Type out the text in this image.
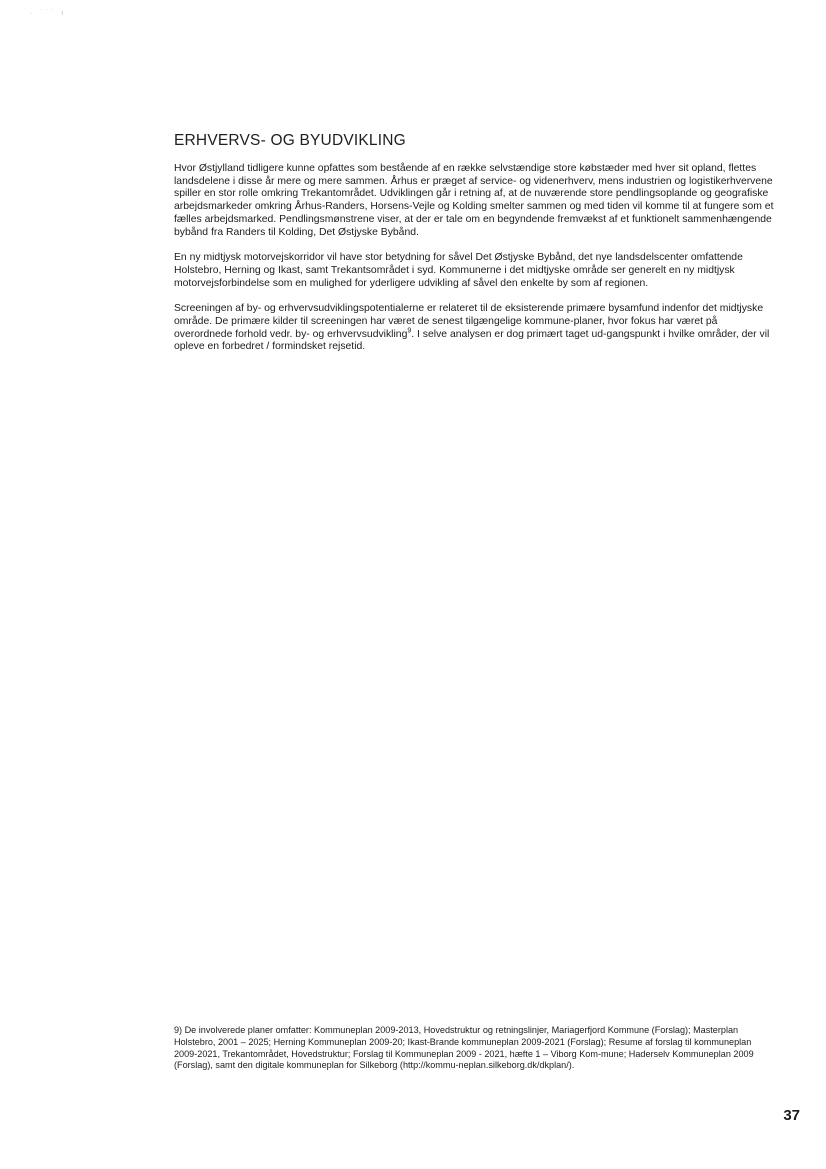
· ˙˙˙ ı
ERHVERVS- OG BYUDVIKLING

Hvor Østjylland tidligere kunne opfattes som bestående af en række selvstændige store købstæder med hver sit opland, flettes landsdelene i disse år mere og mere sammen. Århus er præget af service- og videnerhverv, mens industrien og logistikerhvervene spiller en stor rolle omkring Trekantområdet. Udviklingen går i retning af, at de nuværende store pendlingsoplande og geografiske arbejdsmarkeder omkring Århus-Randers, Horsens-Vejle og Kolding smelter sammen og med tiden vil komme til at fungere som et fælles arbejdsmarked. Pendlingsmønstrene viser, at der er tale om en begyndende fremvækst af et funktionelt sammenhængende bybånd fra Randers til Kolding, Det Østjyske Bybånd.

En ny midtjysk motorvejskorridor vil have stor betydning for såvel Det Østjyske Bybånd, det nye landsdelscenter omfattende Holstebro, Herning og Ikast, samt Trekantsområdet i syd. Kommunerne i det midtjyske område ser generelt en ny midtjysk motorvejsforbindelse som en mulighed for yderligere udvikling af såvel den enkelte by som af regionen.

Screeningen af by- og erhvervsudviklingspotentialerne er relateret til de eksisterende primære bysamfund indenfor det midtjyske område. De primære kilder til screeningen har været de senest tilgængelige kommune-planer, hvor fokus har været på overordnede forhold vedr. by- og erhvervsudvikling$^9$. I selve analysen er dog primært taget ud-gangspunkt i hvilke områder, der vil opleve en forbedret / formindsket rejsetid.

9) De involverede planer omfatter: Kommuneplan 2009-2013, Hovedstruktur og retningslinjer, Mariagerfjord Kommune (Forslag); Masterplan Holstebro, 2001 – 2025; Herning Kommuneplan 2009-20; Ikast-Brande kommuneplan 2009-2021 (Forslag); Resume af forslag til kommuneplan 2009-2021, Trekantområdet, Hovedstruktur; Forslag til Kommuneplan 2009 - 2021, hæfte 1 – Viborg Kom-mune; Haderselv Kommuneplan 2009 (Forslag), samt den digitale kommuneplan for Silkeborg (http://kommu-neplan.silkeborg.dk/dkplan/).
37
